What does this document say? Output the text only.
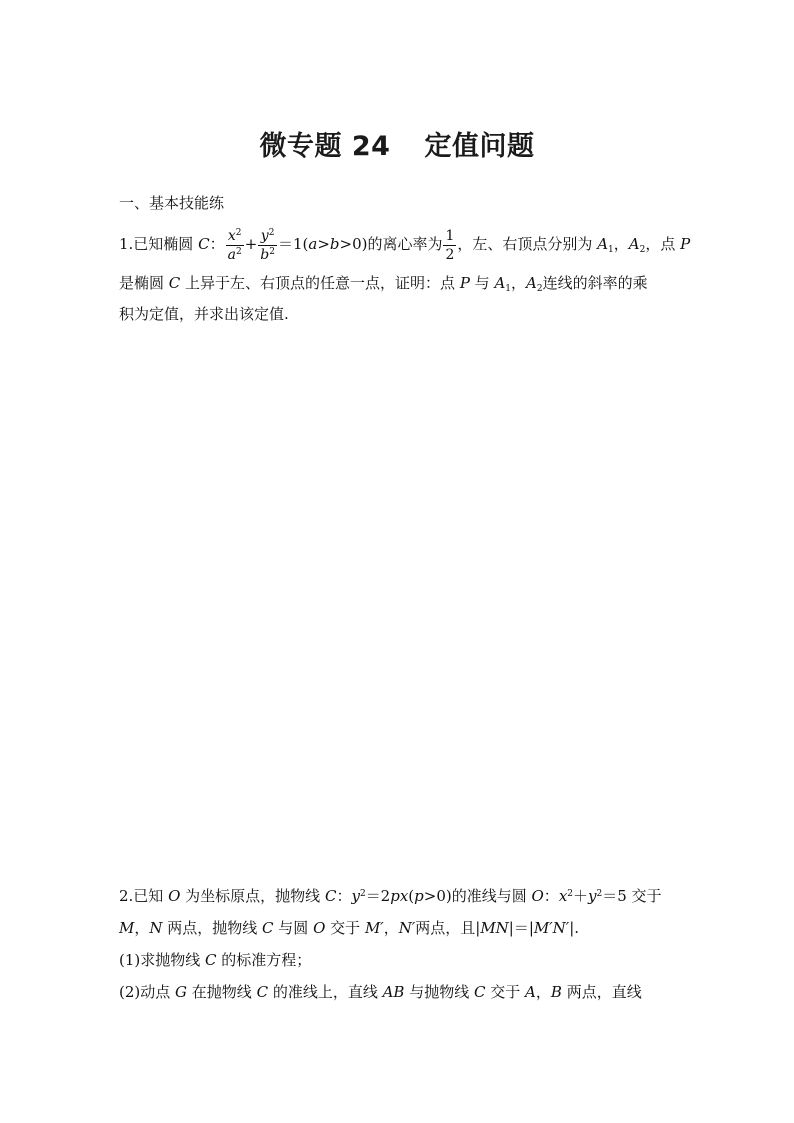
微专题 24 定值问题
一、基本技能练
1.已知椭圆 C： $\frac{x^2}{a^2} + \frac{y^2}{b^2} =1(a>b>0)$的离心率为 $\frac{1}{2}$ ，左、右顶点分别为 $A_1$，$A_2$，点 P
是椭圆 C 上异于左、右顶点的任意一点，证明：点 P 与 $A_1$，$A_2$连线的斜率的乘
积为定值，并求出该定值.
2.已知 O 为坐标原点，抛物线 C：$y^2=2px(p>0)$的准线与圆 O：$x^2+y^2=5$ 交于
M，N 两点，抛物线 C 与圆 O 交于 M′，N′两点，且|MN|＝|M′N′|.
(1)求抛物线 C 的标准方程；
(2)动点 G 在抛物线 C 的准线上，直线 AB 与抛物线 C 交于 A，B 两点，直线
